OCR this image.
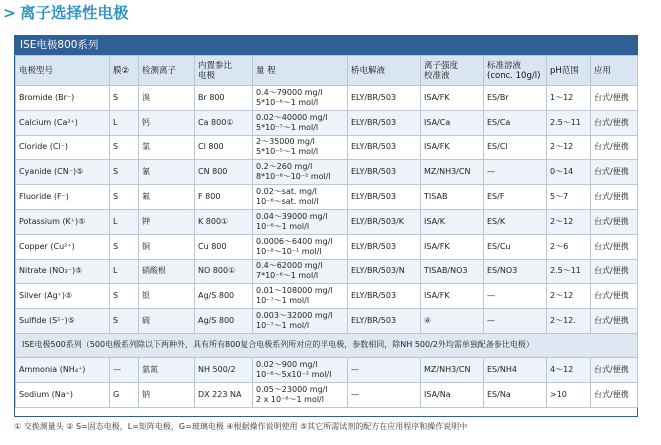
> 离子选择性电极
ISE电极800系列
电极型号	膜②	检测离子	内置参比
电极	量 程	桥电解液	离子强度
校准液	标准溶液
(conc. 10g/l)	pH范围	应用
Bromide (Br⁻)	S	溴	Br 800	0.4～79000 mg/l
5*10⁻⁶～1 mol/l	ELY/BR/503	ISA/FK	ES/Br	1～12	台式/便携
Calcium (Ca²⁺)	L	钙	Ca 800①	0.02～40000 mg/l
5*10⁻⁷～1 mol/l	ELY/BR/503	ISA/Ca	ES/Ca	2.5～11	台式/便携
Cloride (Cl⁻)	S	氯	Cl 800	2～35000 mg/l
5*10⁻⁵～1 mol/l	ELY/BR/503	ISA/FK	ES/Cl	2～12	台式/便携
Cyanide (CN⁻)⑤	S	氰	CN 800	0.2～260 mg/l
8*10⁻⁶～10⁻² mol/l	ELY/BR/503	MZ/NH3/CN	—	0～14	台式/便携
Fluoride (F⁻)	S	氟	F 800	0.02～sat. mg/l
10⁻⁶～sat. mol/l	ELY/BR/503	TISAB	ES/F	5～7	台式/便携
Potassium (K⁺)⑤	L	钾	K 800①	0.04～39000 mg/l
10⁻⁶～1 mol/l	ELY/BR/503/K	ISA/K	ES/K	2～12	台式/便携
Copper (Cu²⁺)	S	铜	Cu 800	0.0006～6400 mg/l
10⁻⁸～10⁻¹ mol/l	ELY/BR/503	ISA/FK	ES/Cu	2～6	台式/便携
Nitrate (NO₃⁻)⑤	L	硝酸根	NO 800①	0.4～62000 mg/l
7*10⁻⁶～1 mol/l	ELY/BR/503/N	TISAB/NO3	ES/NO3	2.5～11	台式/便携
Silver (Ag⁺)⑤	S	银	Ag/S 800	0.01～108000 mg/l
10⁻⁷～1 mol/l	ELY/BR/503	ISA/FK	—	2～12	台式/便携
Sulfide (S²⁻)⑤	S	硫	Ag/S 800	0.003～32000 mg/l
10⁻⁷～1 mol/l	ELY/BR/503	④	—	2～12.	台式/便携
ISE电极500系列（500电极系列除以下两种外，具有所有800复合电极系列所对应的半电极，参数相同，除NH 500/2外均需单独配备参比电极）									
Ammonia (NH₄⁺)	—	氨氮	NH 500/2	0.02～900 mg/l
10⁻⁶～5x10⁻² mol/l	—	MZ/NH3/CN	ES/NH4	4～12	台式/便携
Sodium (Na⁺)	G	钠	DX 223 NA	0.05～23000 mg/l
2 x 10⁻⁶～1 mol/l	—	ISA/Na	ES/Na	>10	台式/便携
① 交换测量头 ② S=固态电极，L=矩阵电极，G=玻璃电极 ④根据操作说明使用 ⑤其它所需试剂的配方在应用程序和操作说明中
